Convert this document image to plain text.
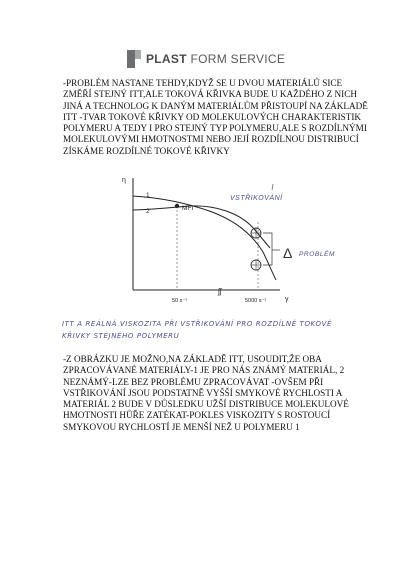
PLAST FORM SERVICE

-PROBLÉM NASTANE TEHDY,KDYŽ SE U DVOU MATERIÁLŮ SICE ZMĚŘÍ STEJNÝ ITT,ALE TOKOVÁ KŘIVKA BUDE U KAŽDÉHO Z NICH JINÁ A TECHNOLOG K DANÝM MATERIÁLŮM PŘISTOUPÍ NA ZÁKLADĚ ITT -TVAR TOKOVÉ KŘIVKY OD MOLEKULOVÝCH CHARAKTERISTIK POLYMERU A TEDY I PRO STEJNÝ TYP POLYMERU,ALE S ROZDÍLNÝMI MOLEKULOVÝMI HMOTNOSTMI NEBO JEJÍ ROZDÍLNOU DISTRIBUCÍ ZÍSKÁME ROZDÍLNÉ TOKOVÉ KŘIVKY

η
γ
1
2	MFI
ʃʃ
50 s⁻¹	5000 s⁻¹
Δ PROBLÉM
VSTŘIKOVÁNÍ
ITT A REÁLNÁ VISKOZITA PŘI VSTŘIKOVÁNÍ PRO ROZDÍLNÉ TOKOVÉ KŘIVKY STEJNÉHO POLYMERU

-Z OBRÁZKU JE MOŽNO,NA ZÁKLADĚ ITT, USOUDIT,ŽE OBA ZPRACOVÁVANÉ MATERIÁLY-1 JE PRO NÁS ZNÁMÝ MATERIÁL, 2 NEZNÁMÝ-LZE BEZ PROBLÉMU ZPRACOVÁVAT -OVŠEM PŘI VSTŘIKOVÁNÍ JSOU PODSTATNĚ VYŠŠÍ SMYKOVÉ RYCHLOSTI A MATERIÁL 2 BUDE V DŮSLEDKU UŽŠÍ DISTRIBUCE MOLEKULOVÉ HMOTNOSTI HŮŘE ZATÉKAT-POKLES VISKOZITY S ROSTOUCÍ SMYKOVOU RYCHLOSTÍ JE MENŠÍ NEŽ U POLYMERU 1
